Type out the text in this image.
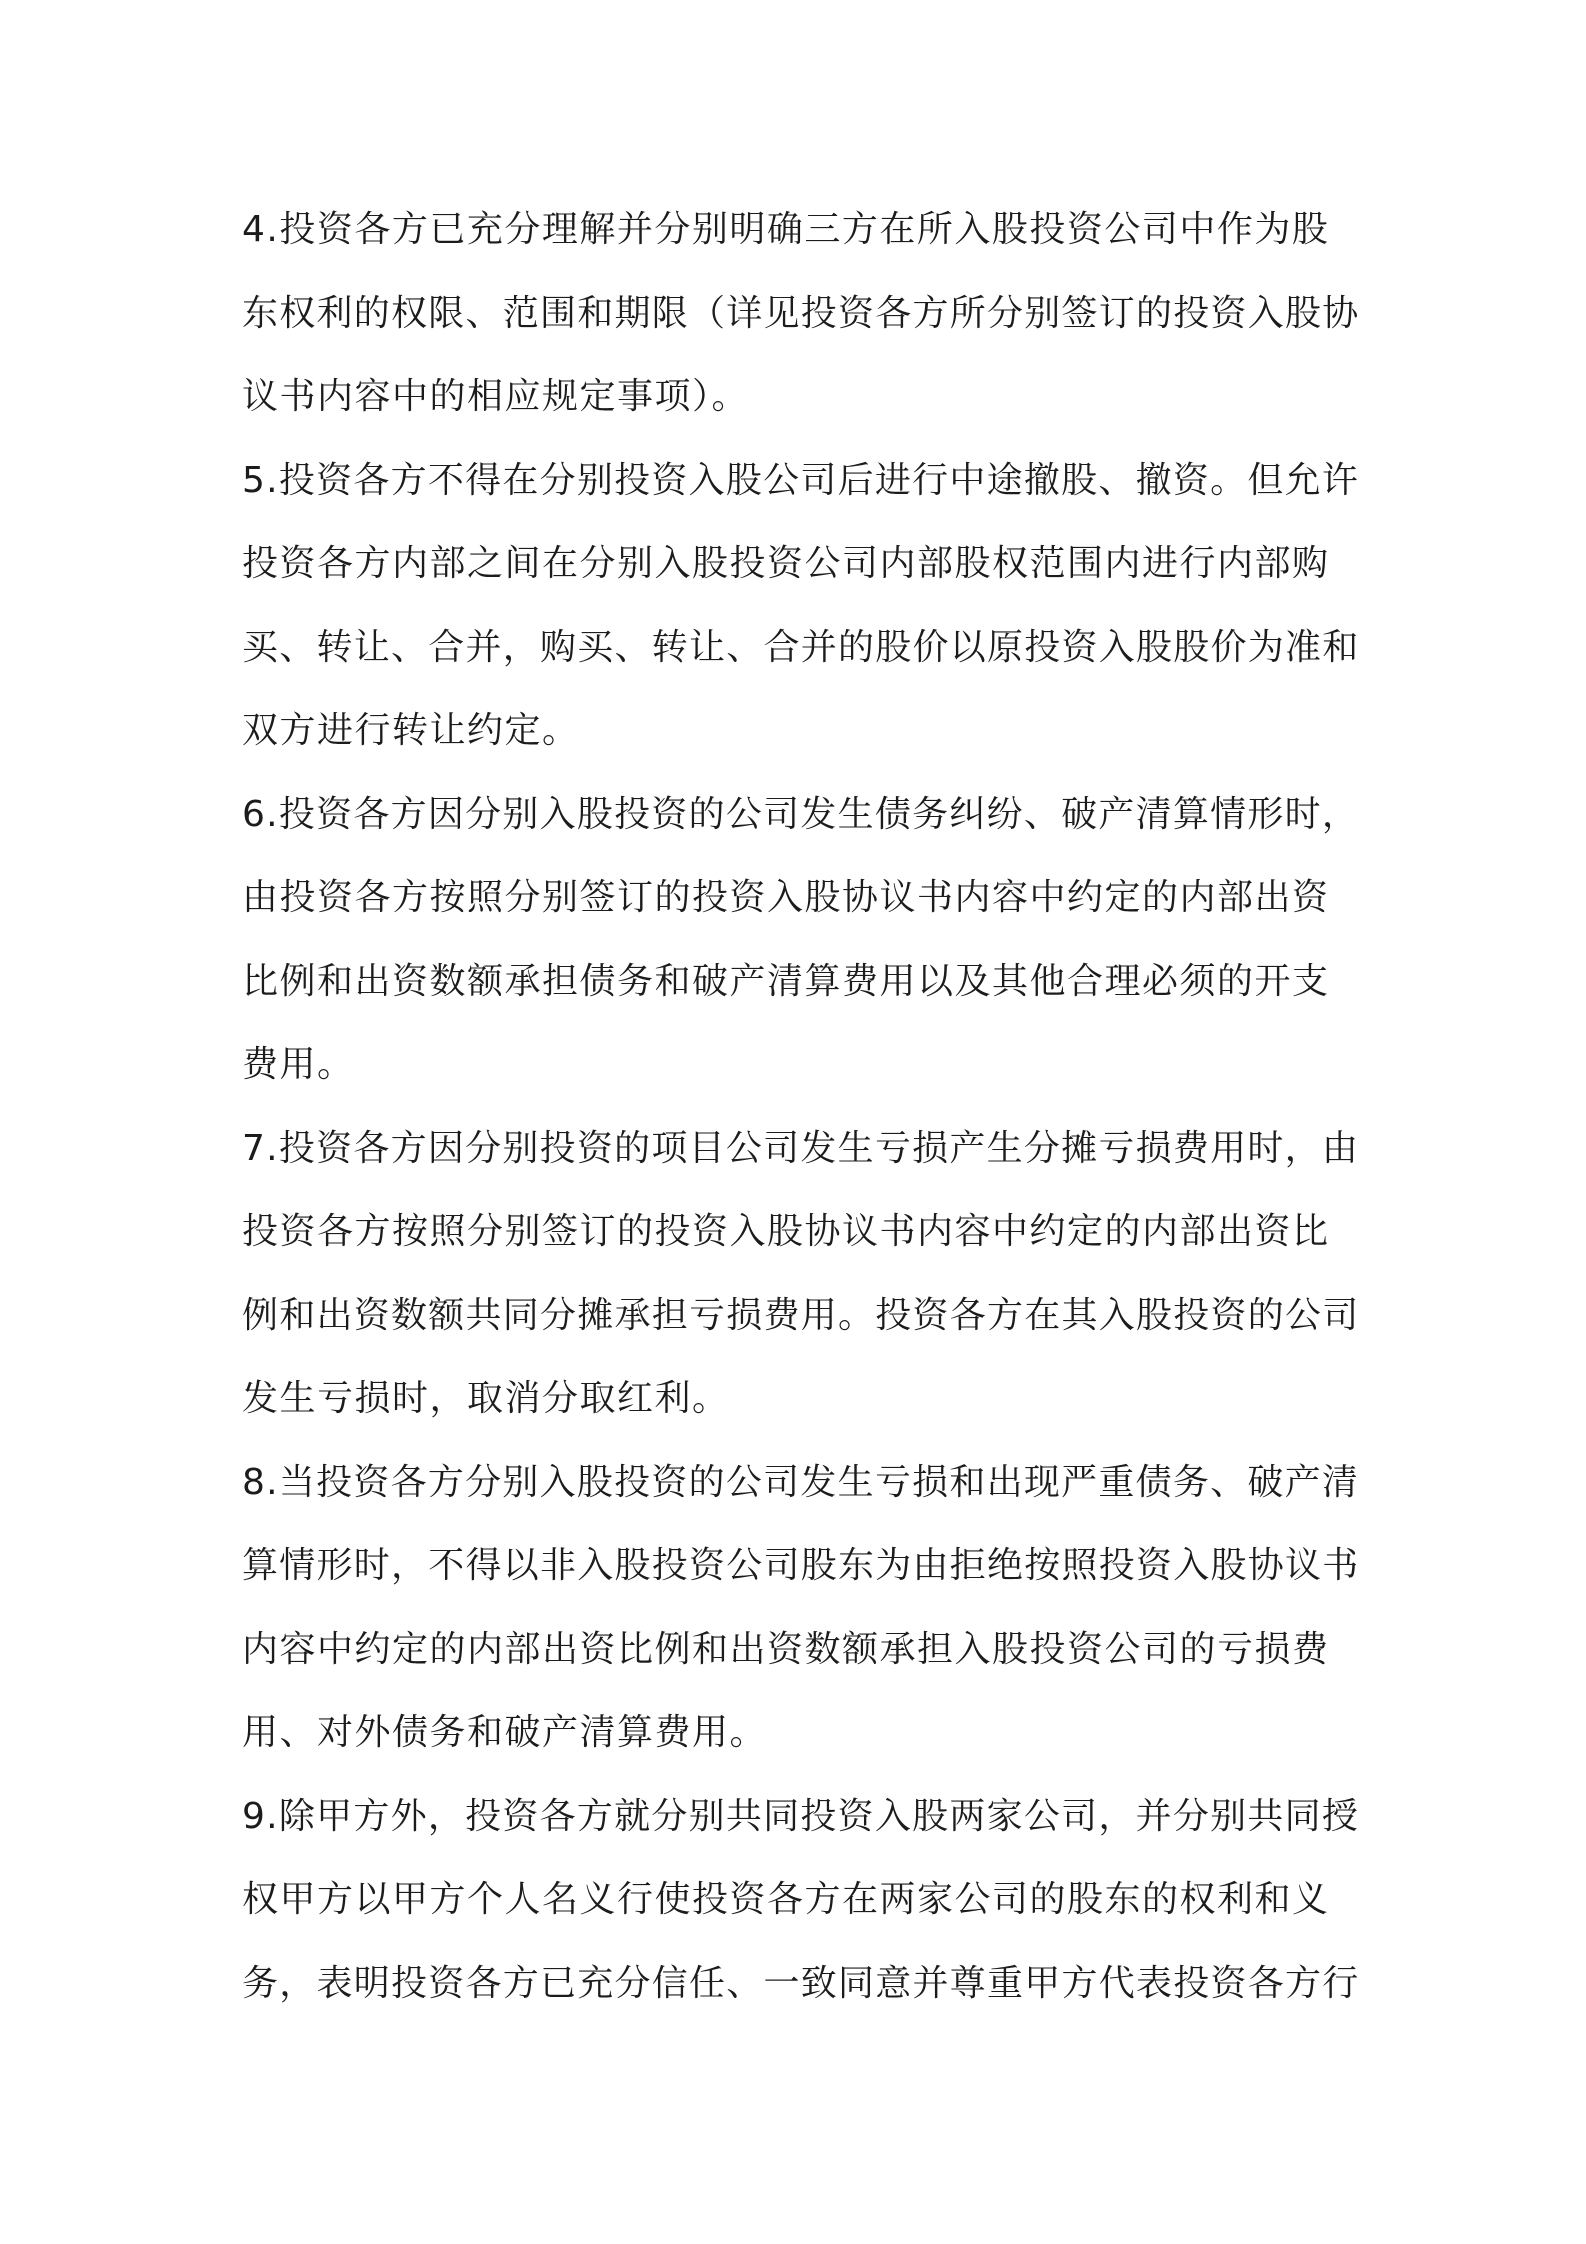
4.投资各方已充分理解并分别明确三方在所入股投资公司中作为股
东权利的权限、范围和期限（详见投资各方所分别签订的投资入股协
议书内容中的相应规定事项）。
5.投资各方不得在分别投资入股公司后进行中途撤股、撤资。但允许
投资各方内部之间在分别入股投资公司内部股权范围内进行内部购
买、转让、合并，购买、转让、合并的股价以原投资入股股价为准和
双方进行转让约定。
6.投资各方因分别入股投资的公司发生债务纠纷、破产清算情形时，
由投资各方按照分别签订的投资入股协议书内容中约定的内部出资
比例和出资数额承担债务和破产清算费用以及其他合理必须的开支
费用。
7.投资各方因分别投资的项目公司发生亏损产生分摊亏损费用时，由
投资各方按照分别签订的投资入股协议书内容中约定的内部出资比
例和出资数额共同分摊承担亏损费用。投资各方在其入股投资的公司
发生亏损时，取消分取红利。
8.当投资各方分别入股投资的公司发生亏损和出现严重债务、破产清
算情形时，不得以非入股投资公司股东为由拒绝按照投资入股协议书
内容中约定的内部出资比例和出资数额承担入股投资公司的亏损费
用、对外债务和破产清算费用。
9.除甲方外，投资各方就分别共同投资入股两家公司，并分别共同授
权甲方以甲方个人名义行使投资各方在两家公司的股东的权利和义
务，表明投资各方已充分信任、一致同意并尊重甲方代表投资各方行
